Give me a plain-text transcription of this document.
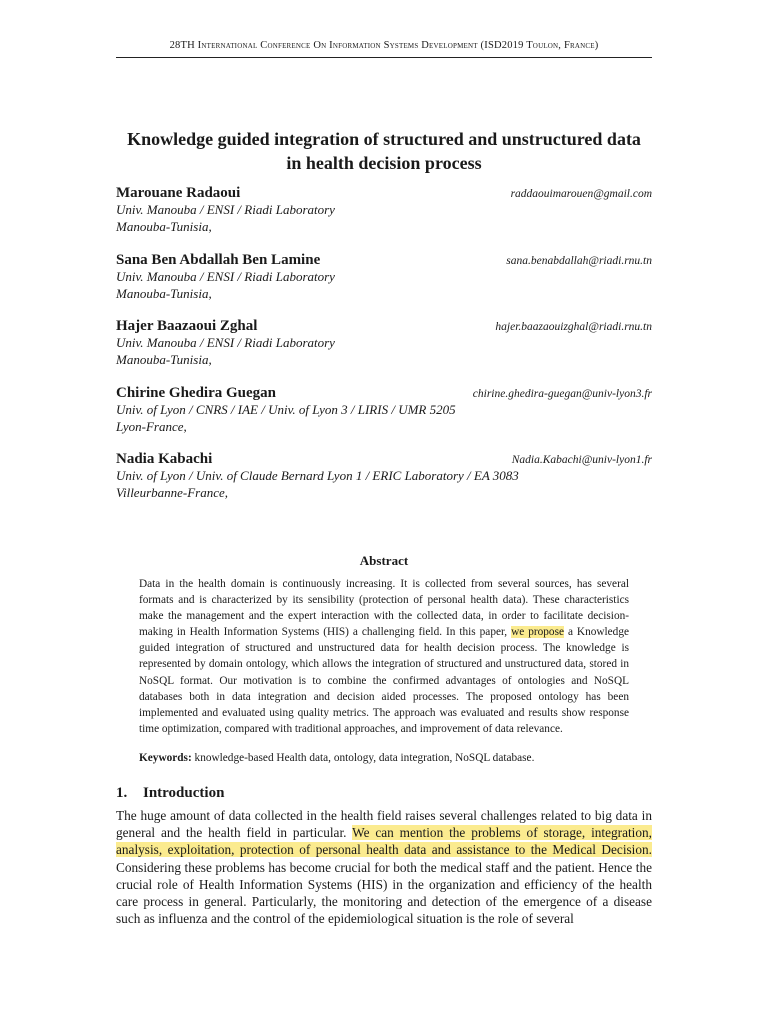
28TH International Conference On Information Systems Development (ISD2019 Toulon, France)
Knowledge guided integration of structured and unstructured data
in health decision process
Marouane Radaoui	raddaouimarouen@gmail.com
Univ. Manouba / ENSI / Riadi Laboratory
Manouba-Tunisia,
Sana Ben Abdallah Ben Lamine	sana.benabdallah@riadi.rnu.tn
Univ. Manouba / ENSI / Riadi Laboratory
Manouba-Tunisia,
Hajer Baazaoui Zghal	hajer.baazaouizghal@riadi.rnu.tn
Univ. Manouba / ENSI / Riadi Laboratory
Manouba-Tunisia,
Chirine Ghedira Guegan	chirine.ghedira-guegan@univ-lyon3.fr
Univ. of Lyon / CNRS / IAE / Univ. of Lyon 3 / LIRIS / UMR 5205
Lyon-France,
Nadia Kabachi	Nadia.Kabachi@univ-lyon1.fr
Univ. of Lyon / Univ. of Claude Bernard Lyon 1 / ERIC Laboratory / EA 3083
Villeurbanne-France,
Abstract
Data in the health domain is continuously increasing. It is collected from several sources, has several formats and is characterized by its sensibility (protection of personal health data). These characteristics make the management and the expert interaction with the collected data, in order to facilitate decision-making in Health Information Systems (HIS) a challenging field. In this paper, we propose a Knowledge guided integration of structured and unstructured data for health decision process. The knowledge is represented by domain ontology, which allows the integration of structured and unstructured data, stored in NoSQL format. Our motivation is to combine the confirmed advantages of ontologies and NoSQL databases both in data integration and decision aided processes. The proposed ontology has been implemented and evaluated using quality metrics. The approach was evaluated and results show response time optimization, compared with traditional approaches, and improvement of data relevance.
Keywords: knowledge-based Health data, ontology, data integration, NoSQL database.
1. Introduction
The huge amount of data collected in the health field raises several challenges related to big data in general and the health field in particular. We can mention the problems of storage, integration, analysis, exploitation, protection of personal health data and assistance to the Medical Decision. Considering these problems has become crucial for both the medical staff and the patient. Hence the crucial role of Health Information Systems (HIS) in the organization and efficiency of the health care process in general. Particularly, the monitoring and detection of the emergence of a disease such as influenza and the control of the epidemiological situation is the role of several
